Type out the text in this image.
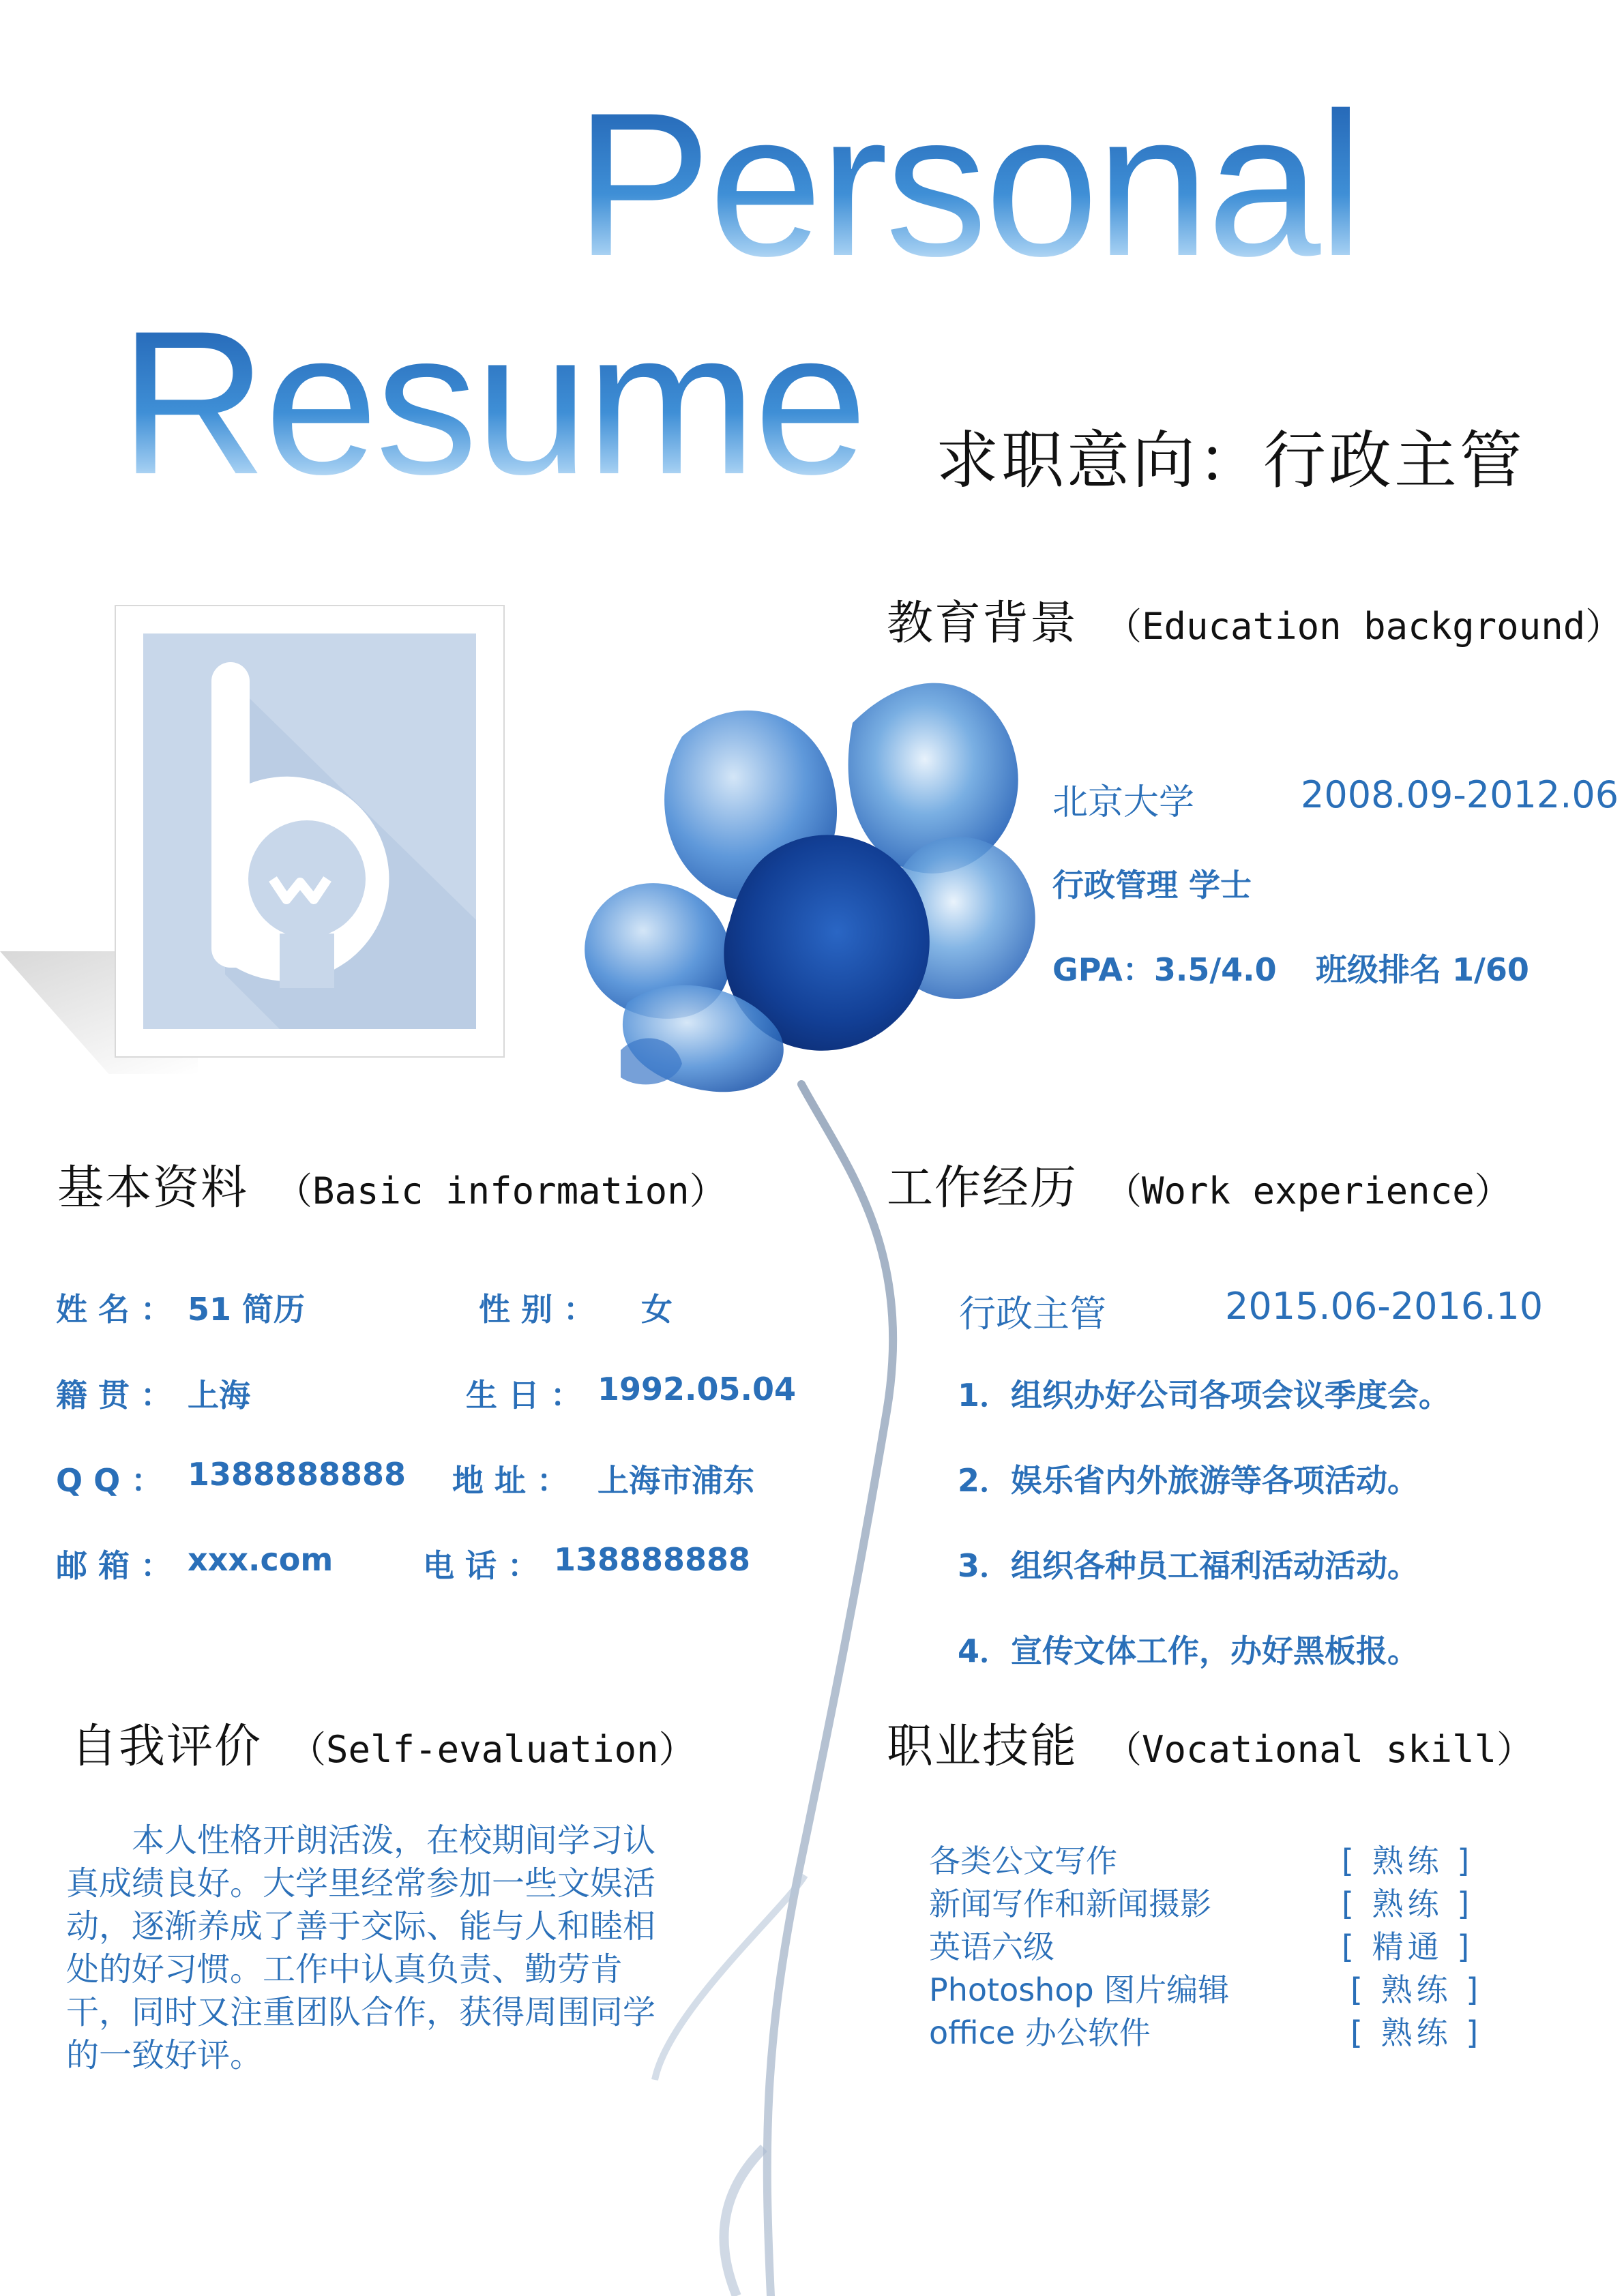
Personal
Resume 求职意向：行政主管
教育背景 （Education background）
北京大学	2008.09-2012.06
行政管理 学士
GPA：3.5/4.0 班级排名 1/60
基本资料 （Basic information）
姓 名 ： 51 简历	性 别 ： 女
籍 贯 ： 上海	生 日 ： 1992.05.04
Q Q ： 1388888888 地 址 ： 上海市浦东
邮 箱 ： xxx.com	电 话 ： 138888888
工作经历 （Work experience）
行政主管	2015.06-2016.10
1．组织办好公司各项会议季度会。
2．娱乐省内外旅游等各项活动。
3．组织各种员工福利活动活动。
4．宣传文体工作，办好黑板报。
自我评价 （Self-evaluation）
本人性格开朗活泼，在校期间学习认真成绩良好。大学里经常参加一些文娱活动，逐渐养成了善于交际、能与人和睦相处的好习惯。工作中认真负责、勤劳肯干，同时又注重团队合作，获得周围同学的一致好评。
职业技能 （Vocational skill）
各类公文写作	[ 熟练 ]
新闻写作和新闻摄影	[ 熟练 ]
英语六级	[ 精通 ]
Photoshop 图片编辑	[ 熟练 ]
office 办公软件	[ 熟练 ]
